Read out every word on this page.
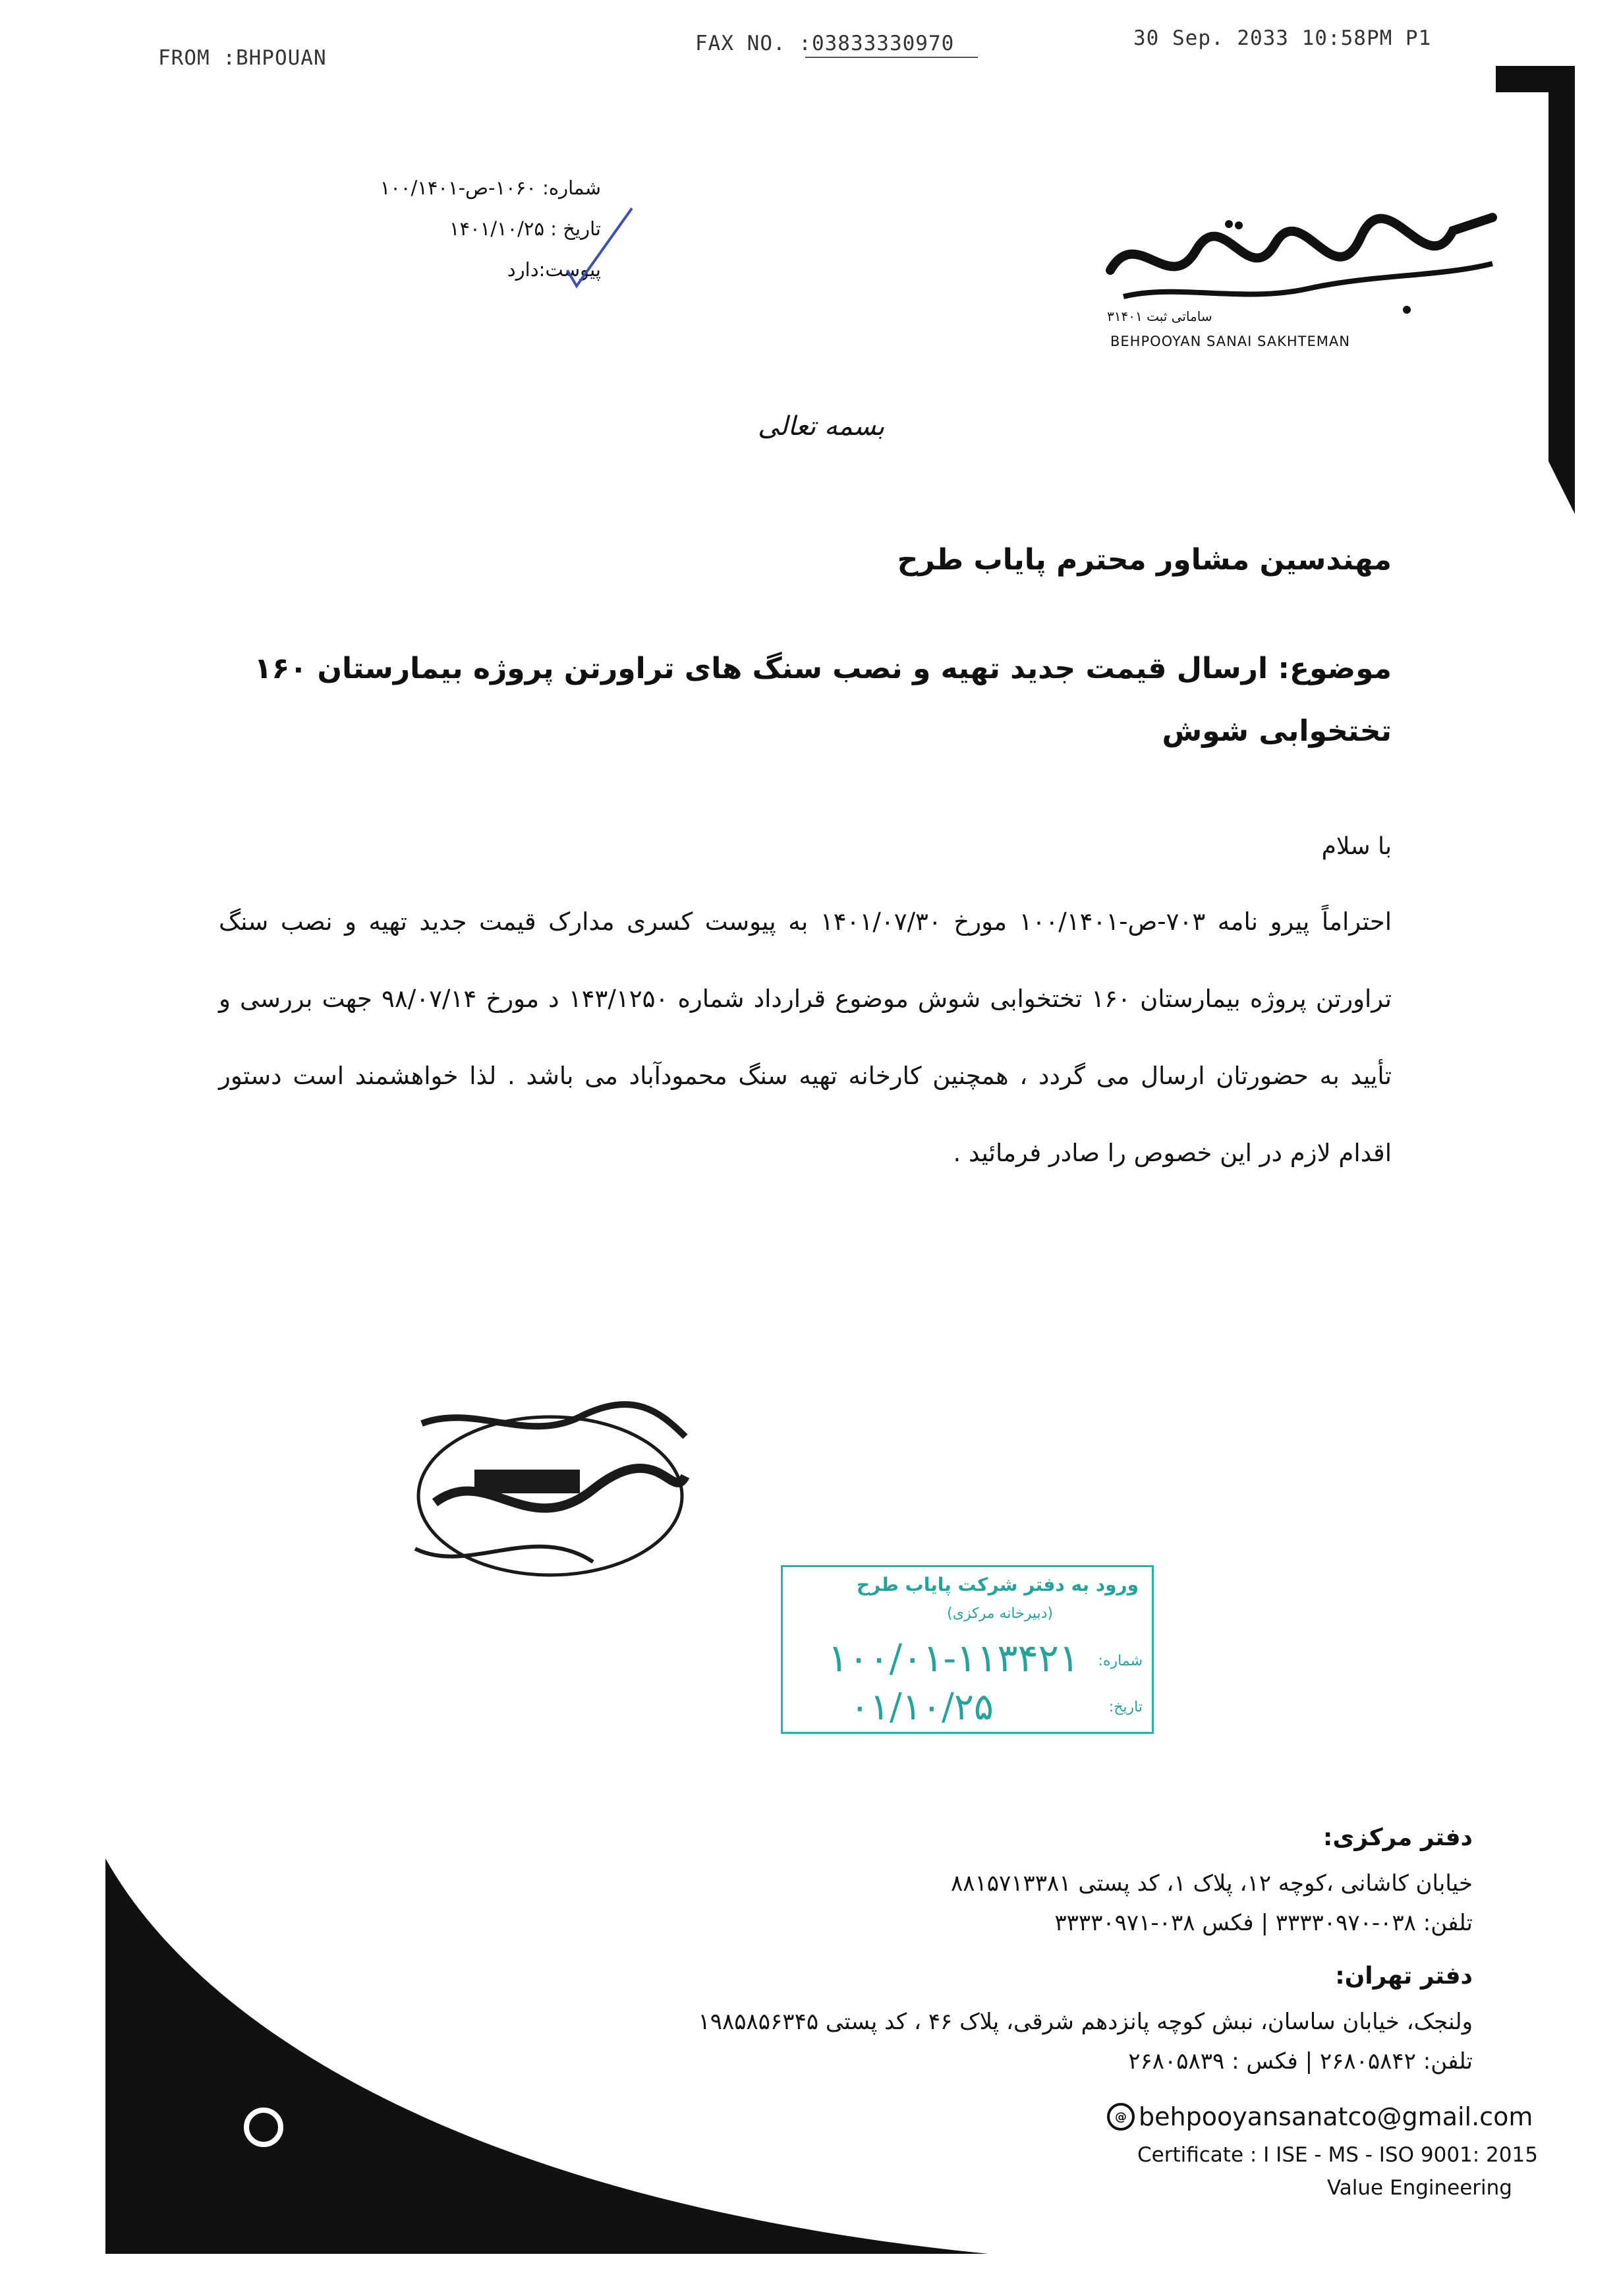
FROM :BHPOUAN
FAX NO. :03833330970	30 Sep. 2033 10:58PM P1
شماره: ۱۰۶۰-ص-۱۰۰/۱۴۰۱
تاریخ : ۱۴۰۱/۱۰/۲۵
پیوست:دارد
ساماتی ثبت ۳۱۴۰۱
BEHPOOYAN SANAI SAKHTEMAN
بسمه تعالی
مهندسین مشاور محترم پایاب طرح
موضوع: ارسال قیمت جدید تهیه و نصب سنگ های تراورتن پروژه بیمارستان ۱۶۰
تختخوابی شوش
با سلام
احتراماً پیرو نامه ۷۰۳-ص-۱۰۰/۱۴۰۱ مورخ ۱۴۰۱/۰۷/۳۰ به پیوست کسری مدارک قیمت جدید تهیه و نصب سنگ تراورتن پروژه بیمارستان ۱۶۰ تختخوابی شوش موضوع قرارداد شماره ۱۴۳/۱۲۵۰ د مورخ ۹۸/۰۷/۱۴ جهت بررسی و تأیید به حضورتان ارسال می گردد ، همچنین کارخانه تهیه سنگ محمودآباد می باشد . لذا خواهشمند است دستور اقدام لازم در این خصوص را صادر فرمائید .
ورود به دفتر شرکت پایاب طرح
(دبیرخانه مرکزی)
شماره:
۱۰۰/۰۱-۱۱۳۴۲۱
تاریخ:
۰۱/۱۰/۲۵
دفتر مرکزی:
خیابان کاشانی ،کوچه ۱۲، پلاک ۱، کد پستی ۸۸۱۵۷۱۳۳۸۱
تلفن: ۰۳۸-۳۳۳۳۰۹۷۰ | فکس ۰۳۸-۳۳۳۳۰۹۷۱
دفتر تهران:
ولنجک، خیابان ساسان، نبش کوچه پانزدهم شرقی، پلاک ۴۶ ، کد پستی ۱۹۸۵۸۵۶۳۴۵
تلفن: ۲۶۸۰۵۸۴۲ | فکس : ۲۶۸۰۵۸۳۹
@ behpooyansanatco@gmail.com
Certificate : I ISE - MS - ISO 9001: 2015
Value Engineering
